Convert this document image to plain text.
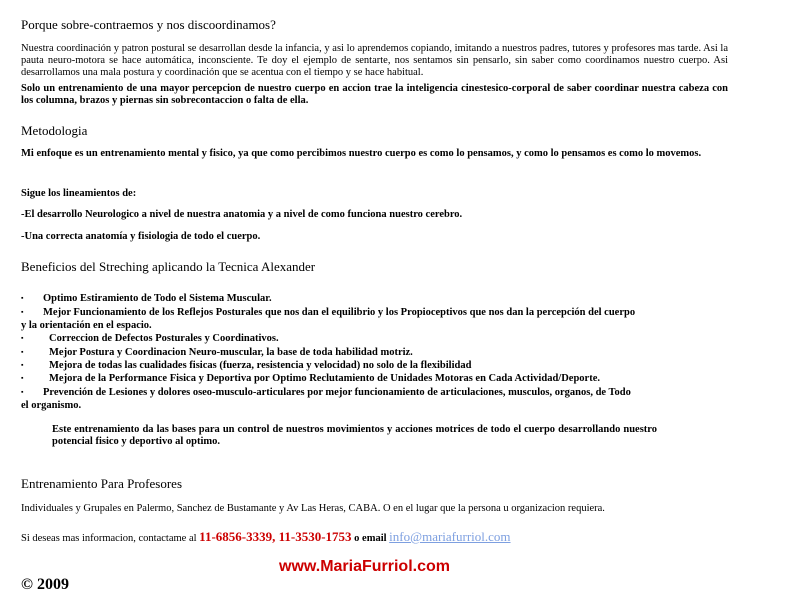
Porque sobre-contraemos y nos discoordinamos?
Nuestra coordinación y patron postural se desarrollan desde la infancia, y asi lo aprendemos copiando, imitando a nuestros padres, tutores y profesores mas tarde. Asi la pauta neuro-motora se hace automática, inconsciente. Te doy el ejemplo de sentarte, nos sentamos sin pensarlo, sin saber como coordinamos nuestro cuerpo. Asi desarrollamos una mala postura y coordinación que se acentua con el tiempo y se hace habitual.
Solo un entrenamiento de una mayor percepcion de nuestro cuerpo en accion trae la inteligencia cinestesico-corporal de saber coordinar nuestra cabeza con los columna, brazos y piernas sin sobrecontaccion o falta de ella.
Metodologia
Mi enfoque es un entrenamiento mental y fisico, ya que como percibimos nuestro cuerpo es como lo pensamos, y como lo pensamos es como lo movemos.
Sigue los lineamientos de:
-El desarrollo Neurologico a nivel de nuestra anatomia y a nivel de como funciona nuestro cerebro.
-Una correcta anatomía y fisiologia de todo el cuerpo.
Beneficios del Streching aplicando la Tecnica Alexander
▪ Optimo Estiramiento de Todo el Sistema Muscular.
▪ Mejor Funcionamiento de los Reflejos Posturales que nos dan el equilibrio y los Propioceptivos que nos dan la percepción del cuerpo
y la orientación en el espacio.
▪ Correccion de Defectos Posturales y Coordinativos.
▪ Mejor Postura y Coordinacion Neuro-muscular, la base de toda habilidad motriz.
▪ Mejora de todas las cualidades fisicas (fuerza, resistencia y velocidad) no solo de la flexibilidad
▪ Mejora de la Performance Fisica y Deportiva por Optimo Reclutamiento de Unidades Motoras en Cada Actividad/Deporte.
▪ Prevención de Lesiones y dolores oseo-musculo-articulares por mejor funcionamiento de articulaciones, musculos, organos, de Todo
el organismo.
Este entrenamiento da las bases para un control de nuestros movimientos y acciones motrices de todo el cuerpo desarrollando nuestro potencial fisico y deportivo al optimo.
Entrenamiento Para Profesores
Individuales y Grupales en Palermo, Sanchez de Bustamante y Av Las Heras, CABA. O en el lugar que la persona u organizacion requiera.
Si deseas mas informacion, contactame al 11-6856-3339, 11-3530-1753 o email info@mariafurriol.com
© 2009
www.MariaFurriol.com
